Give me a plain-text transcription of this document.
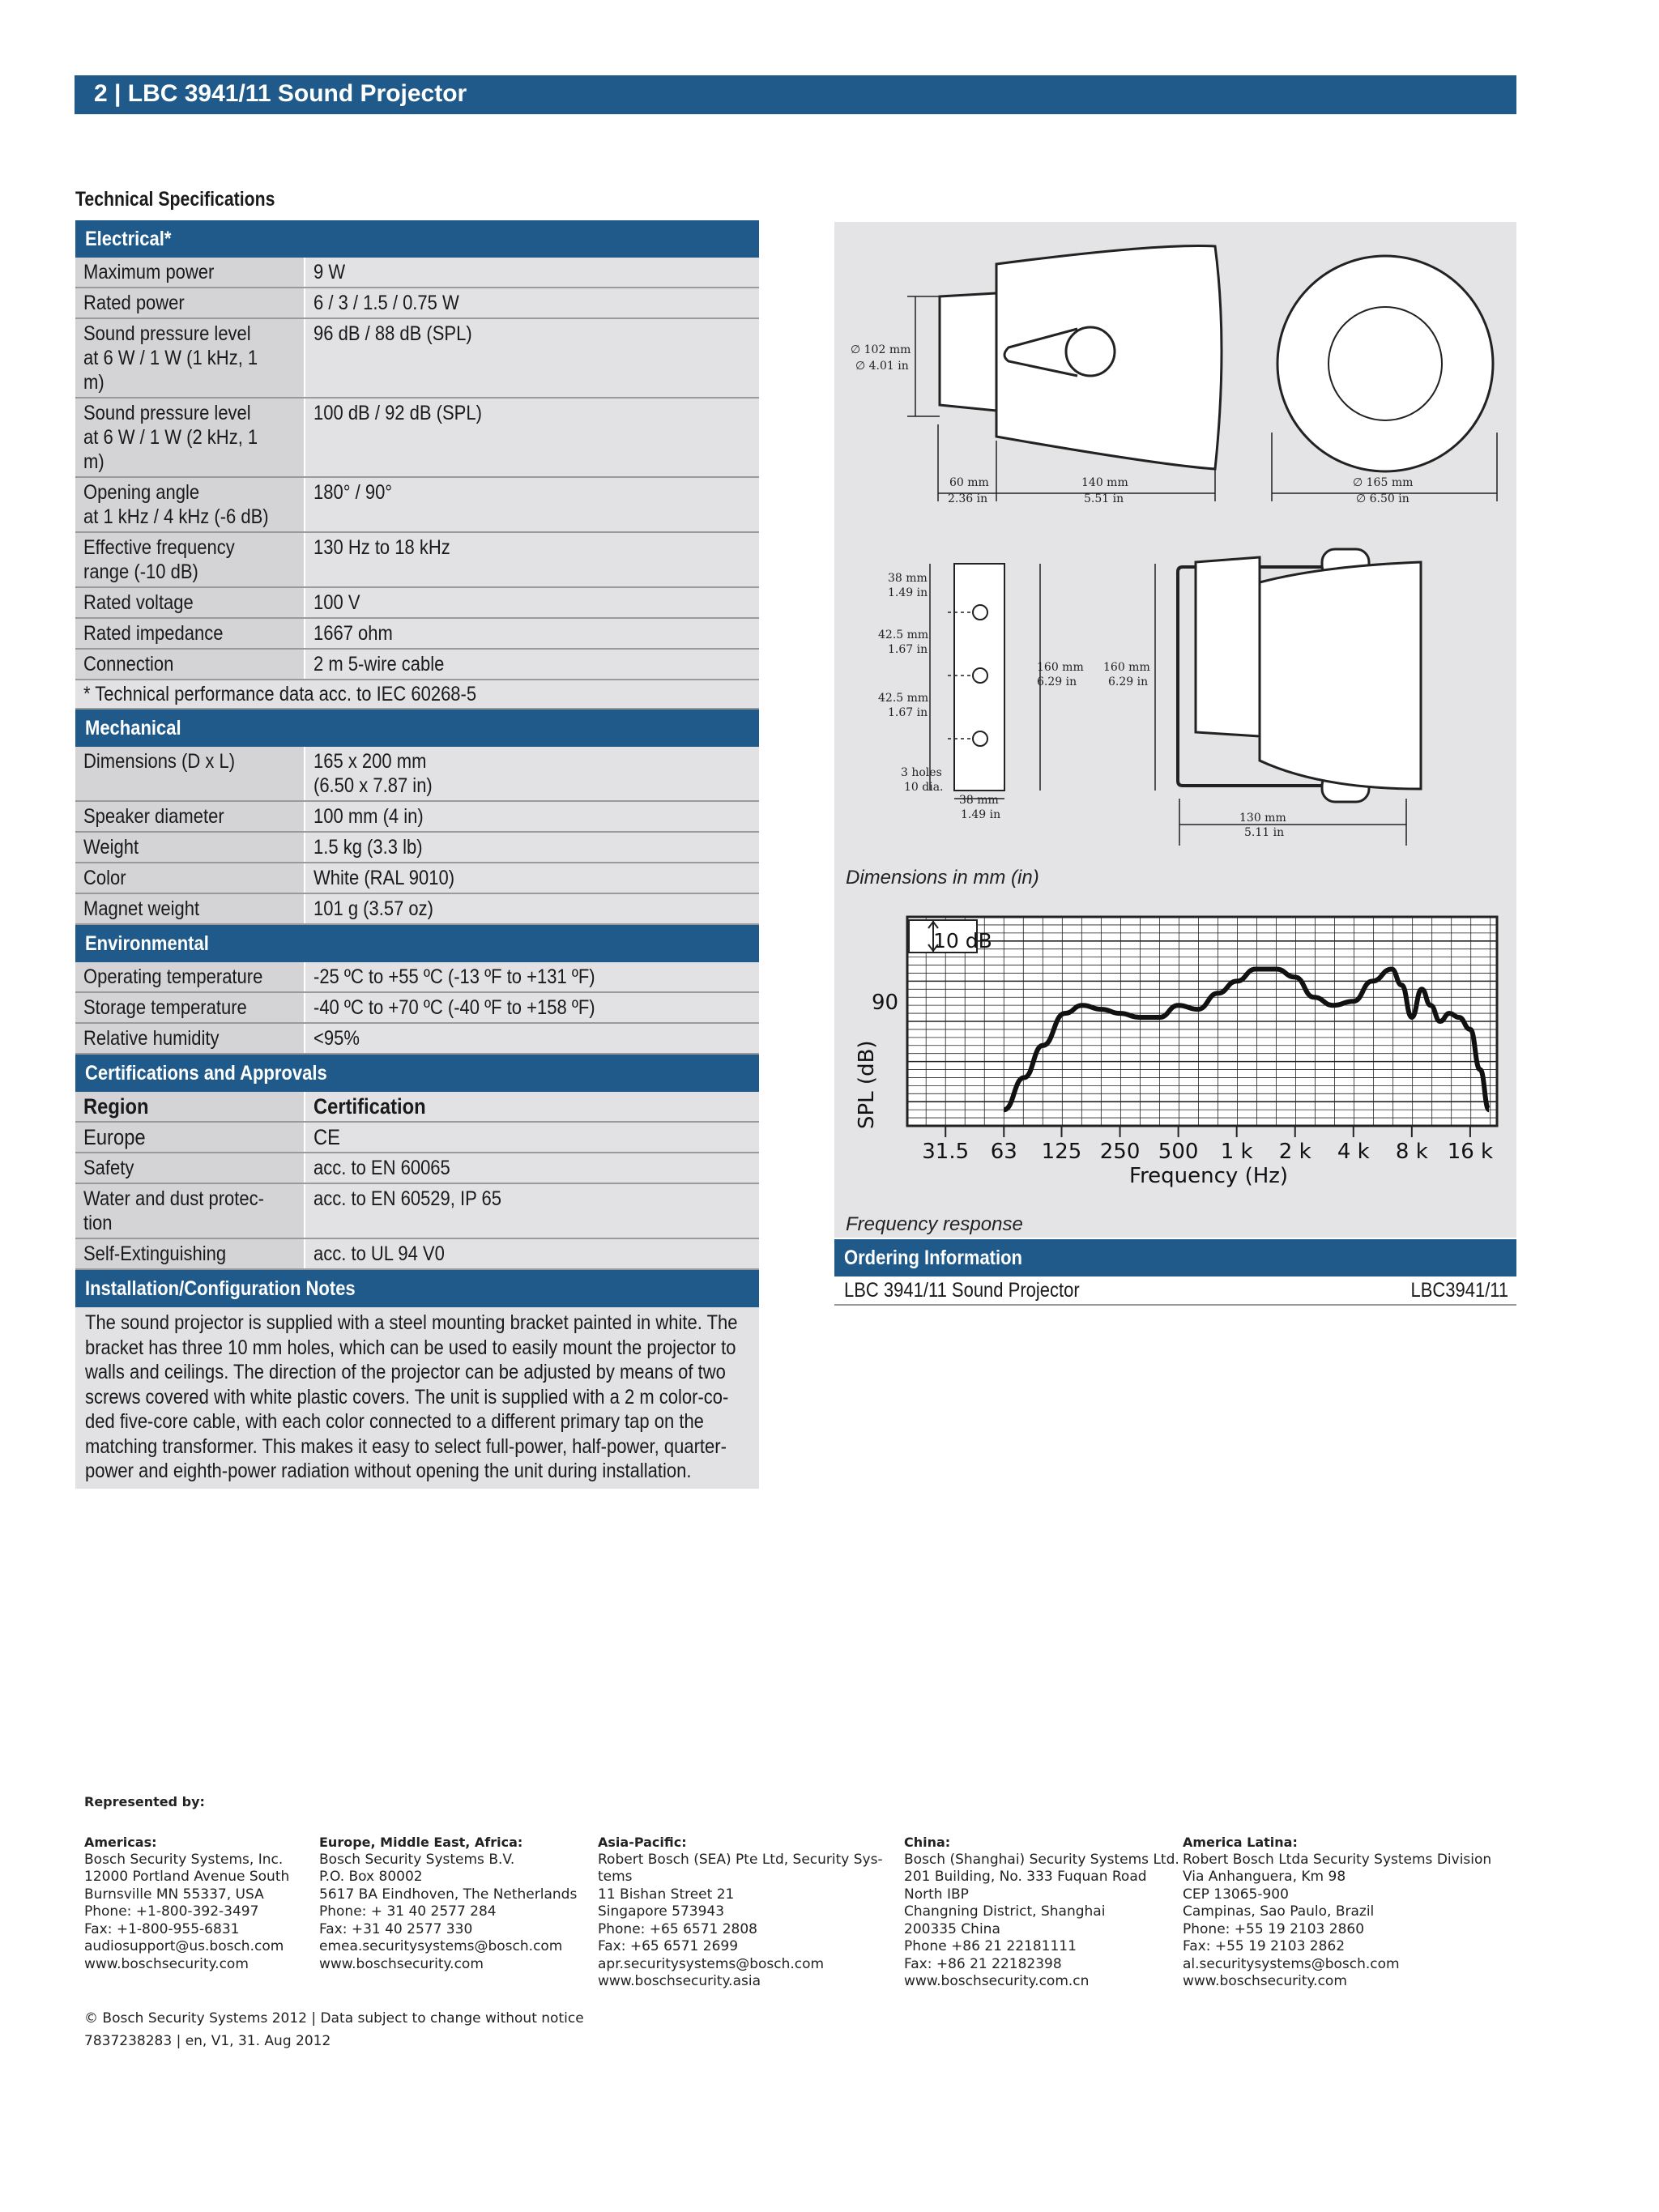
2 | LBC 3941/11 Sound Projector
Technical Specifications
Electrical*
Maximum power	9 W
Rated power	6 / 3 / 1.5 / 0.75 W
Sound pressure level
at 6 W / 1 W (1 kHz, 1
m)	96 dB / 88 dB (SPL)
Sound pressure level
at 6 W / 1 W (2 kHz, 1
m)	100 dB / 92 dB (SPL)
Opening angle
at 1 kHz / 4 kHz (-6 dB)	180° / 90°
Effective frequency
range (-10 dB)	130 Hz to 18 kHz
Rated voltage	100 V
Rated impedance	1667 ohm
Connection	2 m 5-wire cable
* Technical performance data acc. to IEC 60268-5
Mechanical
Dimensions (D x L)	165 x 200 mm
(6.50 x 7.87 in)
Speaker diameter	100 mm (4 in)
Weight	1.5 kg (3.3 lb)
Color	White (RAL 9010)
Magnet weight	101 g (3.57 oz)
Environmental
Operating temperature	-25 ºC to +55 ºC (-13 ºF to +131 ºF)
Storage temperature	-40 ºC to +70 ºC (-40 ºF to +158 ºF)
Relative humidity	<95%
Certifications and Approvals
Region	Certification
Europe	CE
Safety	acc. to EN 60065
Water and dust protec-
tion	acc. to EN 60529, IP 65
Self-Extinguishing	acc. to UL 94 V0
Installation/Configuration Notes
The sound projector is supplied with a steel mounting bracket painted in white. The
bracket has three 10 mm holes, which can be used to easily mount the projector to
walls and ceilings. The direction of the projector can be adjusted by means of two
screws covered with white plastic covers. The unit is supplied with a 2 m color-co-
ded five-core cable, with each color connected to a different primary tap on the
matching transformer. This makes it easy to select full-power, half-power, quarter-
power and eighth-power radiation without opening the unit during installation.
∅ 102 mm
∅ 4.01 in
60 mm
2.36 in
140 mm
5.51 in
∅ 165 mm
∅ 6.50 in
38 mm
1.49 in
42.5 mm
1.67 in
42.5 mm
1.67 in
3 holes
10 dia.
38 mm
1.49 in
160 mm
6.29 in
160 mm
6.29 in
130 mm
5.11 in
Dimensions in mm (in)
31.5 63 125 250 500 1 k 2 k 4 k 8 k 16 k
10 dB
90
SPL (dB)
Frequency (Hz)
Frequency response
Ordering Information
LBC 3941/11 Sound Projector	LBC3941/11
Represented by:
Americas:
Bosch Security Systems, Inc.
12000 Portland Avenue South
Burnsville MN 55337, USA
Phone: +1-800-392-3497
Fax: +1-800-955-6831
audiosupport@us.bosch.com
www.boschsecurity.com
Europe, Middle East, Africa:
Bosch Security Systems B.V.
P.O. Box 80002
5617 BA Eindhoven, The Netherlands
Phone: + 31 40 2577 284
Fax: +31 40 2577 330
emea.securitysystems@bosch.com
www.boschsecurity.com
Asia-Pacific:
Robert Bosch (SEA) Pte Ltd, Security Sys-
tems
11 Bishan Street 21
Singapore 573943
Phone: +65 6571 2808
Fax: +65 6571 2699
apr.securitysystems@bosch.com
www.boschsecurity.asia
China:
Bosch (Shanghai) Security Systems Ltd.
201 Building, No. 333 Fuquan Road
North IBP
Changning District, Shanghai
200335 China
Phone +86 21 22181111
Fax: +86 21 22182398
www.boschsecurity.com.cn
America Latina:
Robert Bosch Ltda Security Systems Division
Via Anhanguera, Km 98
CEP 13065-900
Campinas, Sao Paulo, Brazil
Phone: +55 19 2103 2860
Fax: +55 19 2103 2862
al.securitysystems@bosch.com
www.boschsecurity.com
© Bosch Security Systems 2012 | Data subject to change without notice
7837238283 | en, V1, 31. Aug 2012
